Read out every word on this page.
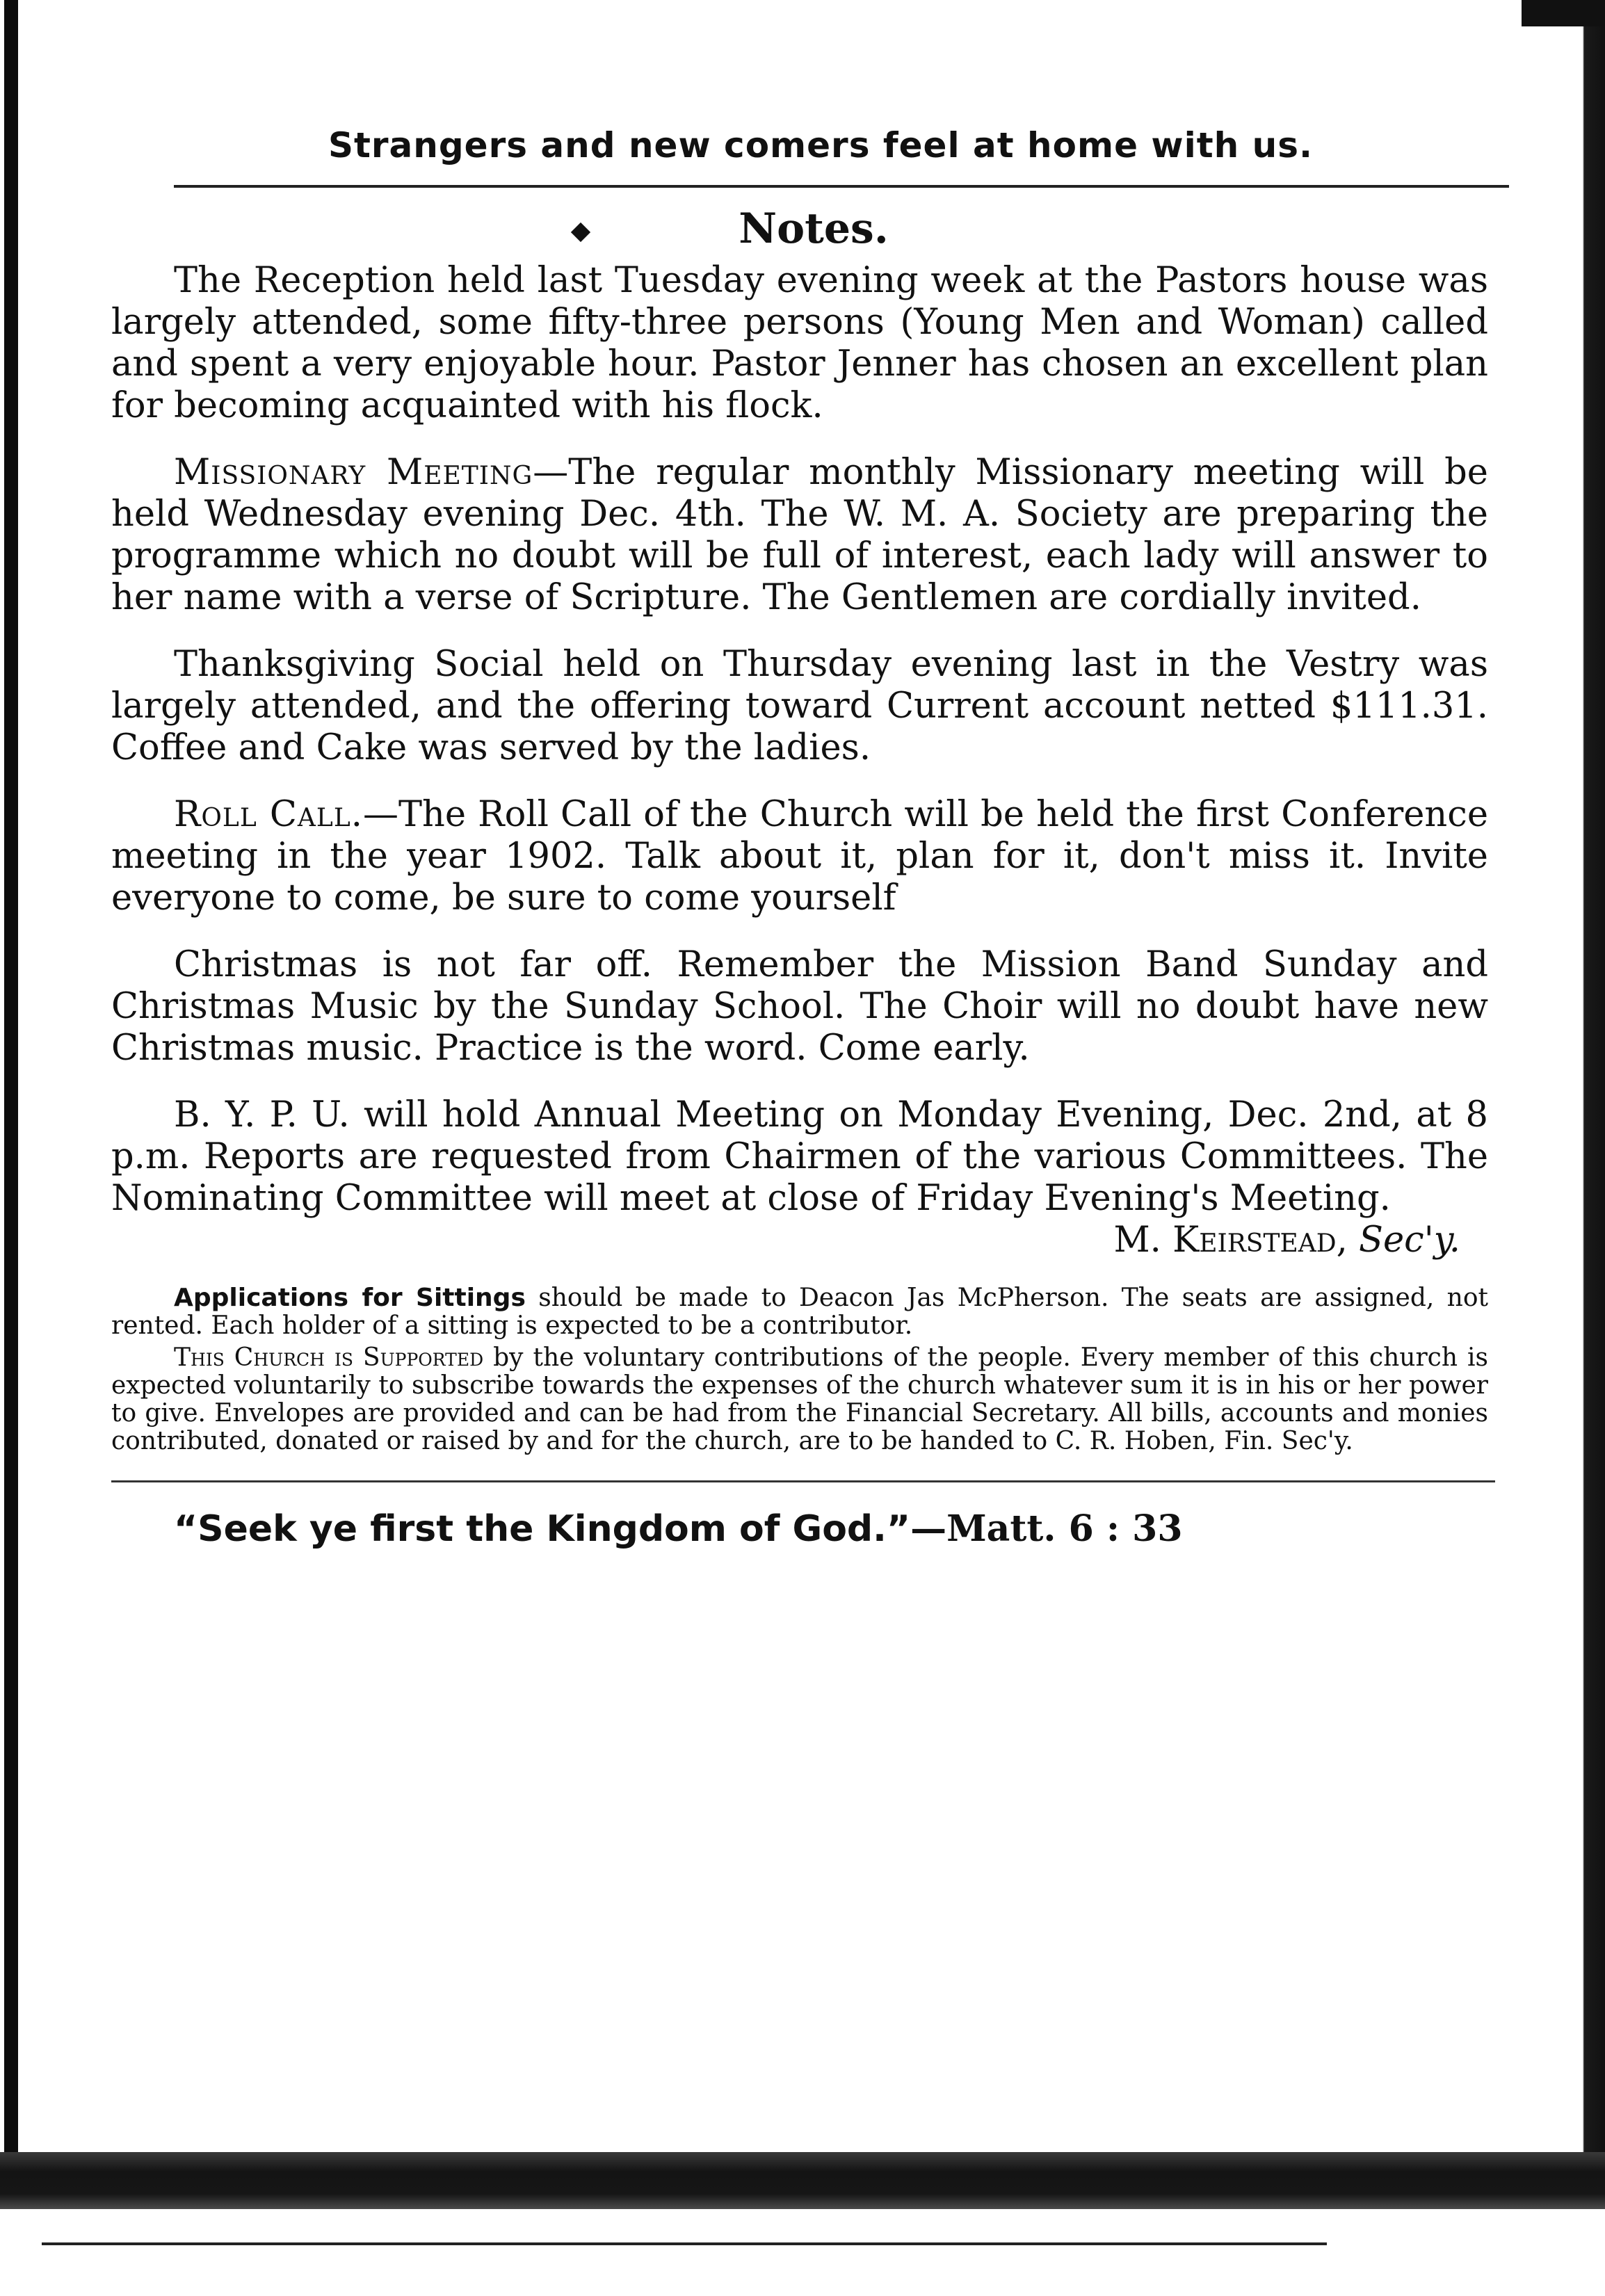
Strangers and new comers feel at home with us.
Notes.

The Reception held last Tuesday evening week at the Pastors house was largely attended, some fifty-three persons (Young Men and Woman) called and spent a very enjoyable hour. Pastor Jenner has chosen an excellent plan for becoming acquainted with his flock.

Missionary Meeting—The regular monthly Missionary meeting will be held Wednesday evening Dec. 4th. The W. M. A. Society are preparing the programme which no doubt will be full of interest, each lady will answer to her name with a verse of Scripture. The Gentlemen are cordially invited.

Thanksgiving Social held on Thursday evening last in the Vestry was largely attended, and the offering toward Current account netted $111.31. Coffee and Cake was served by the ladies.

Roll Call.—The Roll Call of the Church will be held the first Conference meeting in the year 1902. Talk about it, plan for it, don't miss it. Invite everyone to come, be sure to come yourself

Christmas is not far off. Remember the Mission Band Sunday and Christmas Music by the Sunday School. The Choir will no doubt have new Christmas music. Practice is the word. Come early.

B. Y. P. U. will hold Annual Meeting on Monday Evening, Dec. 2nd, at 8 p.m. Reports are requested from Chairmen of the various Committees. The Nominating Committee will meet at close of Friday Evening's Meeting.

M. Keirstead, Sec'y.

Applications for Sittings should be made to Deacon Jas McPherson. The seats are assigned, not rented. Each holder of a sitting is expected to be a contributor.

This Church is Supported by the voluntary contributions of the people. Every member of this church is expected voluntarily to subscribe towards the expenses of the church whatever sum it is in his or her power to give. Envelopes are provided and can be had from the Financial Secretary. All bills, accounts and monies contributed, donated or raised by and for the church, are to be handed to C. R. Hoben, Fin. Sec'y.

“Seek ye first the Kingdom of God.”—Matt. 6 : 33
